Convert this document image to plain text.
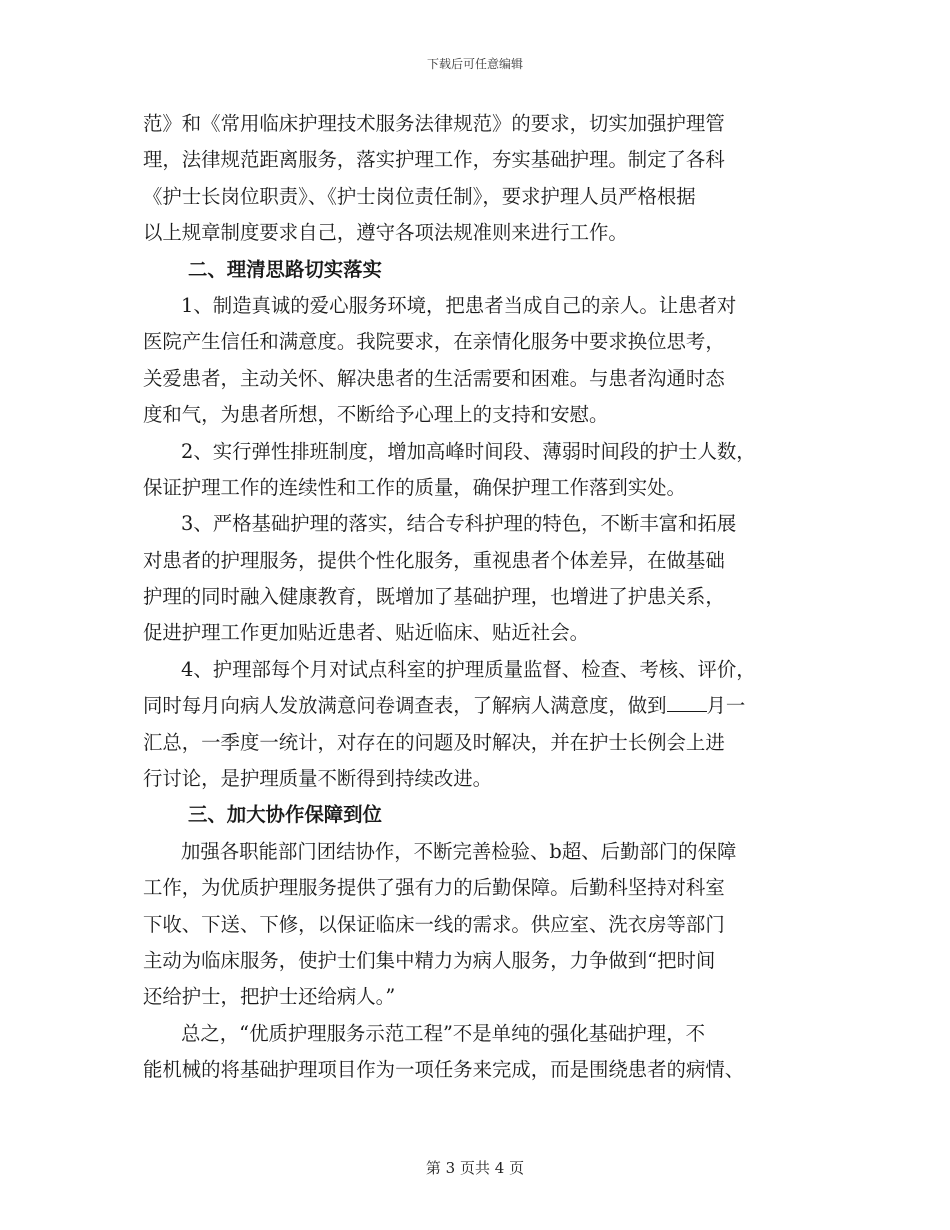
下载后可任意编辑
范》和《常用临床护理技术服务法律规范》的要求，切实加强护理管
理，法律规范距离服务，落实护理工作，夯实基础护理。制定了各科
《护士长岗位职责》、《护士岗位责任制》，要求护理人员严格根据
以上规章制度要求自己，遵守各项法规准则来进行工作。
二、理清思路切实落实
1、制造真诚的爱心服务环境，把患者当成自己的亲人。让患者对
医院产生信任和满意度。我院要求，在亲情化服务中要求换位思考，
关爱患者，主动关怀、解决患者的生活需要和困难。与患者沟通时态
度和气，为患者所想，不断给予心理上的支持和安慰。
2、实行弹性排班制度，增加高峰时间段、薄弱时间段的护士人数，
保证护理工作的连续性和工作的质量，确保护理工作落到实处。
3、严格基础护理的落实，结合专科护理的特色，不断丰富和拓展
对患者的护理服务，提供个性化服务，重视患者个体差异，在做基础
护理的同时融入健康教育，既增加了基础护理，也增进了护患关系，
促进护理工作更加贴近患者、贴近临床、贴近社会。
4、护理部每个月对试点科室的护理质量监督、检查、考核、评价，
同时每月向病人发放满意问卷调查表，了解病人满意度，做到 月一
汇总，一季度一统计，对存在的问题及时解决，并在护士长例会上进
行讨论，是护理质量不断得到持续改进。
三、加大协作保障到位
加强各职能部门团结协作，不断完善检验、b超、后勤部门的保障
工作，为优质护理服务提供了强有力的后勤保障。后勤科坚持对科室
下收、下送、下修，以保证临床一线的需求。供应室、洗衣房等部门
主动为临床服务，使护士们集中精力为病人服务，力争做到“把时间
还给护士，把护士还给病人。”
总之，“优质护理服务示范工程”不是单纯的强化基础护理，不
能机械的将基础护理项目作为一项任务来完成，而是围绕患者的病情、
第 3 页共 4 页
